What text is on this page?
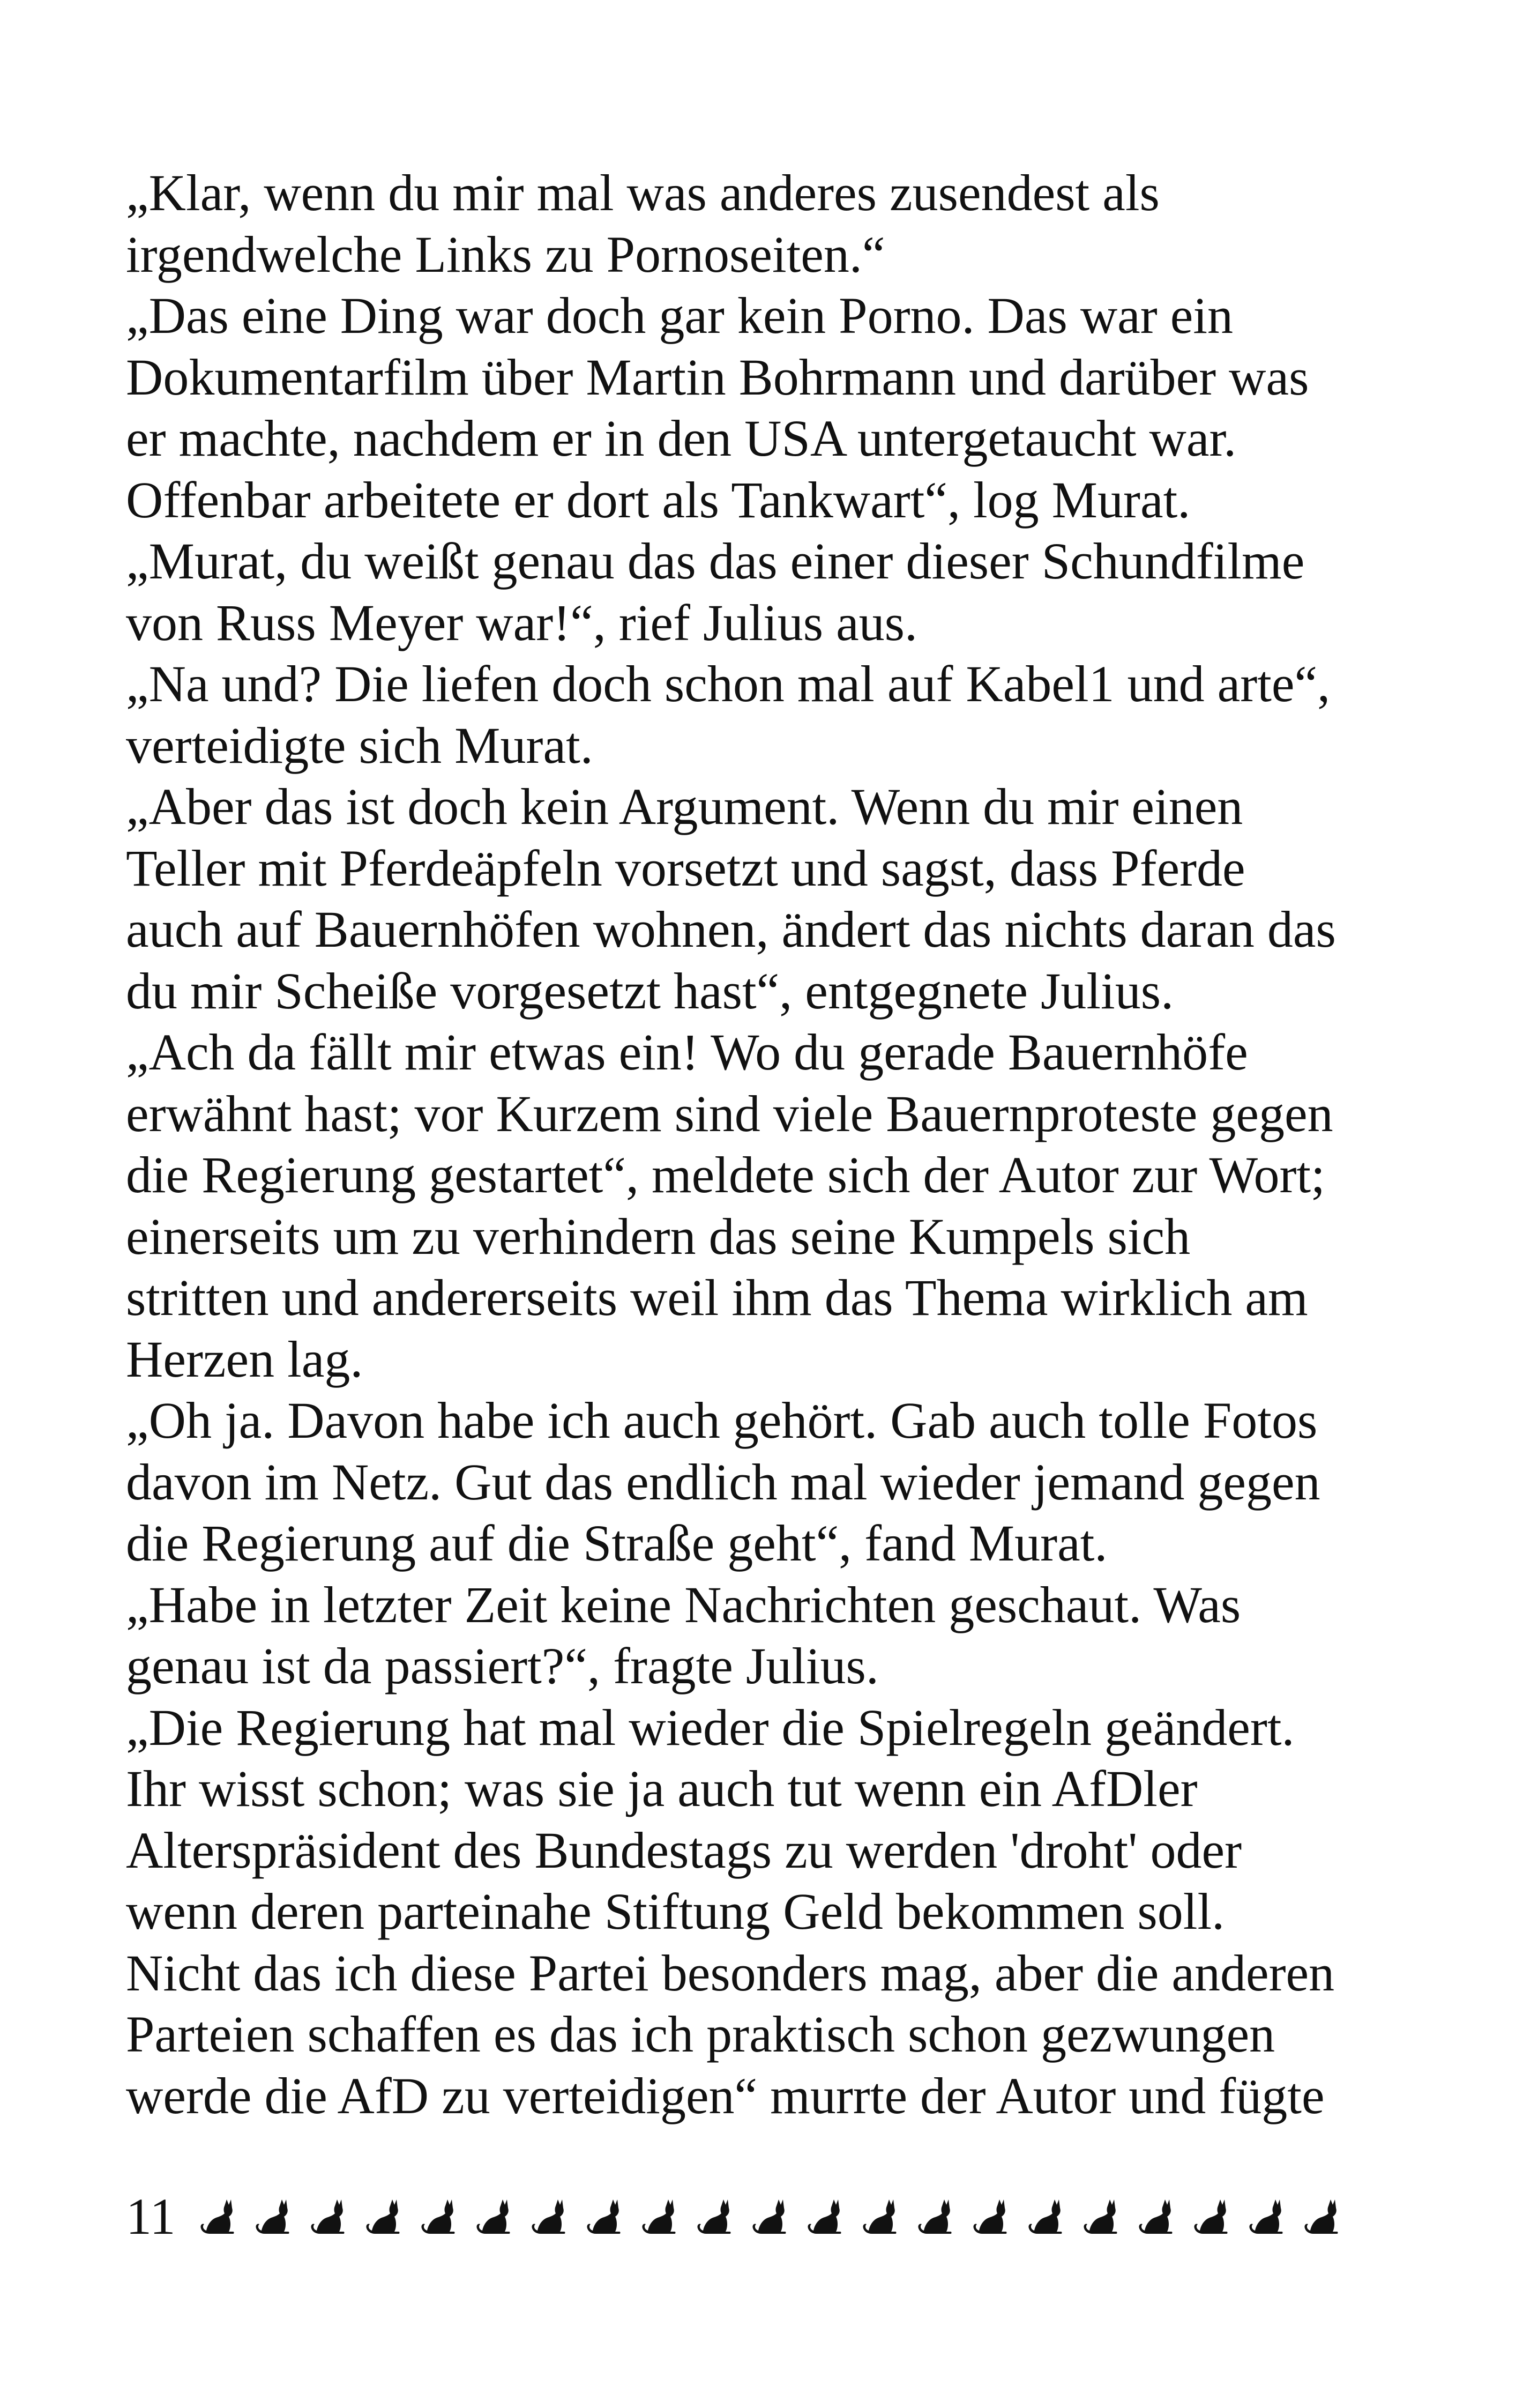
„Klar, wenn du mir mal was anderes zusendest als
irgendwelche Links zu Pornoseiten.“
„Das eine Ding war doch gar kein Porno. Das war ein
Dokumentarfilm über Martin Bohrmann und darüber was
er machte, nachdem er in den USA untergetaucht war.
Offenbar arbeitete er dort als Tankwart“, log Murat.
„Murat, du weißt genau das das einer dieser Schundfilme
von Russ Meyer war!“, rief Julius aus.
„Na und? Die liefen doch schon mal auf Kabel1 und arte“,
verteidigte sich Murat.
„Aber das ist doch kein Argument. Wenn du mir einen
Teller mit Pferdeäpfeln vorsetzt und sagst, dass Pferde
auch auf Bauernhöfen wohnen, ändert das nichts daran das
du mir Scheiße vorgesetzt hast“, entgegnete Julius.
„Ach da fällt mir etwas ein! Wo du gerade Bauernhöfe
erwähnt hast; vor Kurzem sind viele Bauernproteste gegen
die Regierung gestartet“, meldete sich der Autor zur Wort;
einerseits um zu verhindern das seine Kumpels sich
stritten und andererseits weil ihm das Thema wirklich am
Herzen lag.
„Oh ja. Davon habe ich auch gehört. Gab auch tolle Fotos
davon im Netz. Gut das endlich mal wieder jemand gegen
die Regierung auf die Straße geht“, fand Murat.
„Habe in letzter Zeit keine Nachrichten geschaut. Was
genau ist da passiert?“, fragte Julius.
„Die Regierung hat mal wieder die Spielregeln geändert.
Ihr wisst schon; was sie ja auch tut wenn ein AfDler
Alterspräsident des Bundestags zu werden 'droht' oder
wenn deren parteinahe Stiftung Geld bekommen soll.
Nicht das ich diese Partei besonders mag, aber die anderen
Parteien schaffen es das ich praktisch schon gezwungen
werde die AfD zu verteidigen“ murrte der Autor und fügte
11
